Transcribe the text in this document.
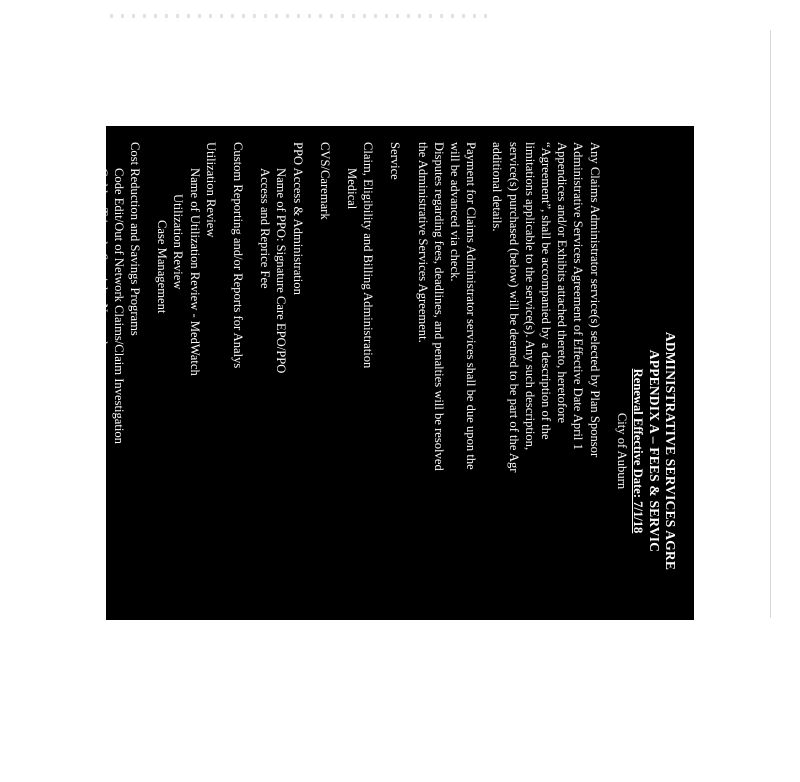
ADMINISTRATIVE SERVICES AGRE
APPENDIX A – FEES & SERVIC
Renewal Effective Date: 7/1/18
City of Auburn
Any Claims Administrator service(s) selected by Plan Sponsor
Administrative Services Agreement of Effective Date April 1
Appendices and/or Exhibits attached thereto, heretofore
“Agreement”, shall be accompanied by a description of the
limitations applicable to the service(s). Any such description,
service(s) purchased (below) will be deemed to be part of the Agr
additional details.
Payment for Claims Administrator services shall be due upon the
will be advanced via check.
Disputes regarding fees, deadlines, and penalties will be resolved
the Administrative Services Agreement.
Service
Claim, Eligibility and Billing Administration
Medical
CVS/Caremark
PPO Access & Administration
Name of PPO: Signature Care EPO/PPO
Access and Reprice Fee
Custom Reporting and/or Reports for Analys
Utilization Review
Name of Utilization Review - MedWatch
Utilization Review
Case Management
Cost Reduction and Savings Programs
Code Edit/Out of Network Claims/Claim Investigation
Golden Triangle Specialty Network
Subrogation
